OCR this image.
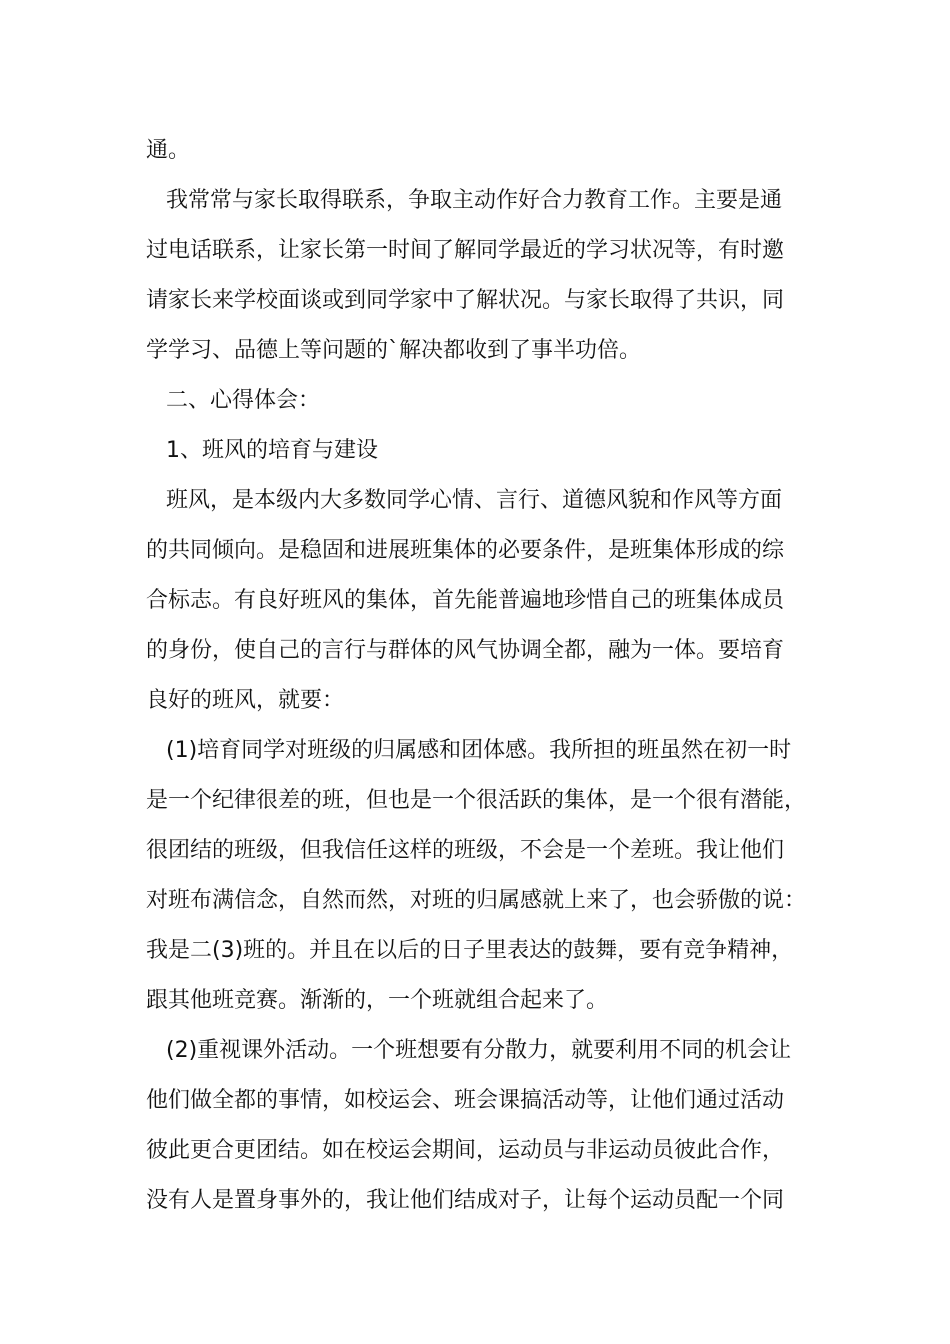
通。
我常常与家长取得联系，争取主动作好合力教育工作。主要是通
过电话联系，让家长第一时间了解同学最近的学习状况等，有时邀
请家长来学校面谈或到同学家中了解状况。与家长取得了共识，同
学学习、品德上等问题的`解决都收到了事半功倍。
二、心得体会：
1、班风的培育与建设
班风，是本级内大多数同学心情、言行、道德风貌和作风等方面
的共同倾向。是稳固和进展班集体的必要条件，是班集体形成的综
合标志。有良好班风的集体，首先能普遍地珍惜自己的班集体成员
的身份，使自己的言行与群体的风气协调全都，融为一体。要培育
良好的班风，就要：
(1)培育同学对班级的归属感和团体感。我所担的班虽然在初一时
是一个纪律很差的班，但也是一个很活跃的集体，是一个很有潜能，
很团结的班级，但我信任这样的班级，不会是一个差班。我让他们
对班布满信念，自然而然，对班的归属感就上来了，也会骄傲的说：
我是二(3)班的。并且在以后的日子里表达的鼓舞，要有竞争精神，
跟其他班竞赛。渐渐的，一个班就组合起来了。
(2)重视课外活动。一个班想要有分散力，就要利用不同的机会让
他们做全都的事情，如校运会、班会课搞活动等，让他们通过活动
彼此更合更团结。如在校运会期间，运动员与非运动员彼此合作，
没有人是置身事外的，我让他们结成对子，让每个运动员配一个同
